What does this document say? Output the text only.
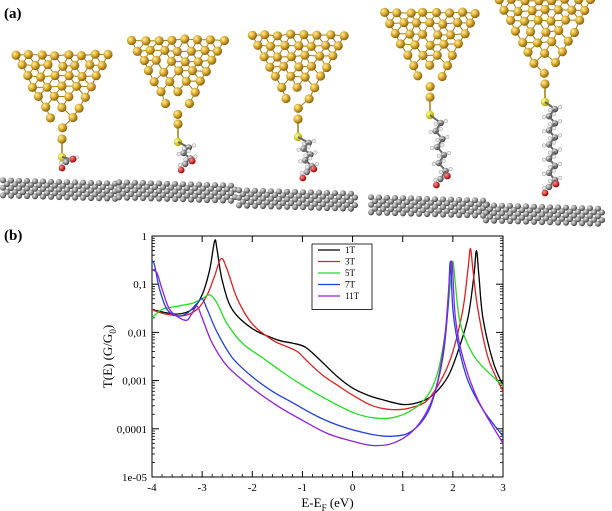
(a)
(b)
-4	-3	-2	-1	0	1	2	3
1e-05
0,0001
0,001
0,01
0,1
1
$E-E_F$ (eV)
T(E) $(G/G_0)$
1T
3T
5T
7T
11T
